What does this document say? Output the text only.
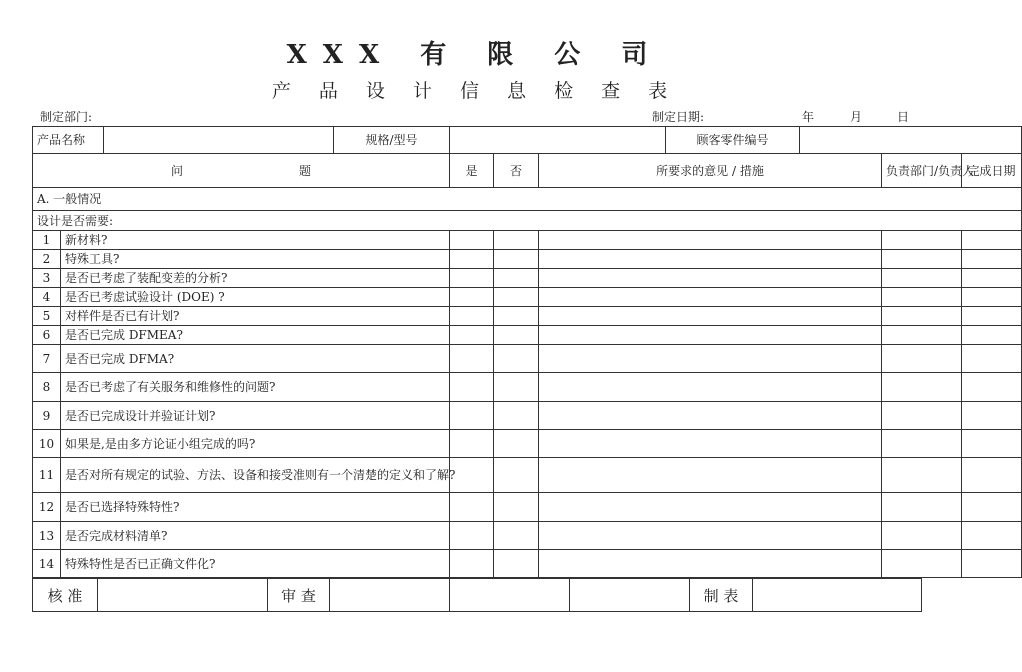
XXX 有 限 公 司
产 品 设 计 信 息 检 查 表
制定部门:	制定日期:	年	月	日
产品名称			规格/型号				顾客零件编号			

问 题				是	否	所要求的意见 / 措施			负责部门/负责人	完成日期
A. 一般情况										
设计是否需要:										
1	新材料?									
2	特殊工具?									
3	是否已考虑了装配变差的分析?									
4	是否已考虑试验设计 (DOE) ?									
5	对样件是否已有计划?									
6	是否已完成 DFMEA?									
7	是否已完成 DFMA?									
8	是否已考虑了有关服务和维修性的问题?									
9	是否已完成设计并验证计划?									
10	如果是,是由多方论证小组完成的吗?									
11	是否对所有规定的试验、方法、设备和接受准则有一个清楚的定义和了解?									
12	是否已选择特殊特性?									
13	是否完成材料清单?									
14	特殊特性是否已正确文件化?									
核 准		审 查				制 表	
